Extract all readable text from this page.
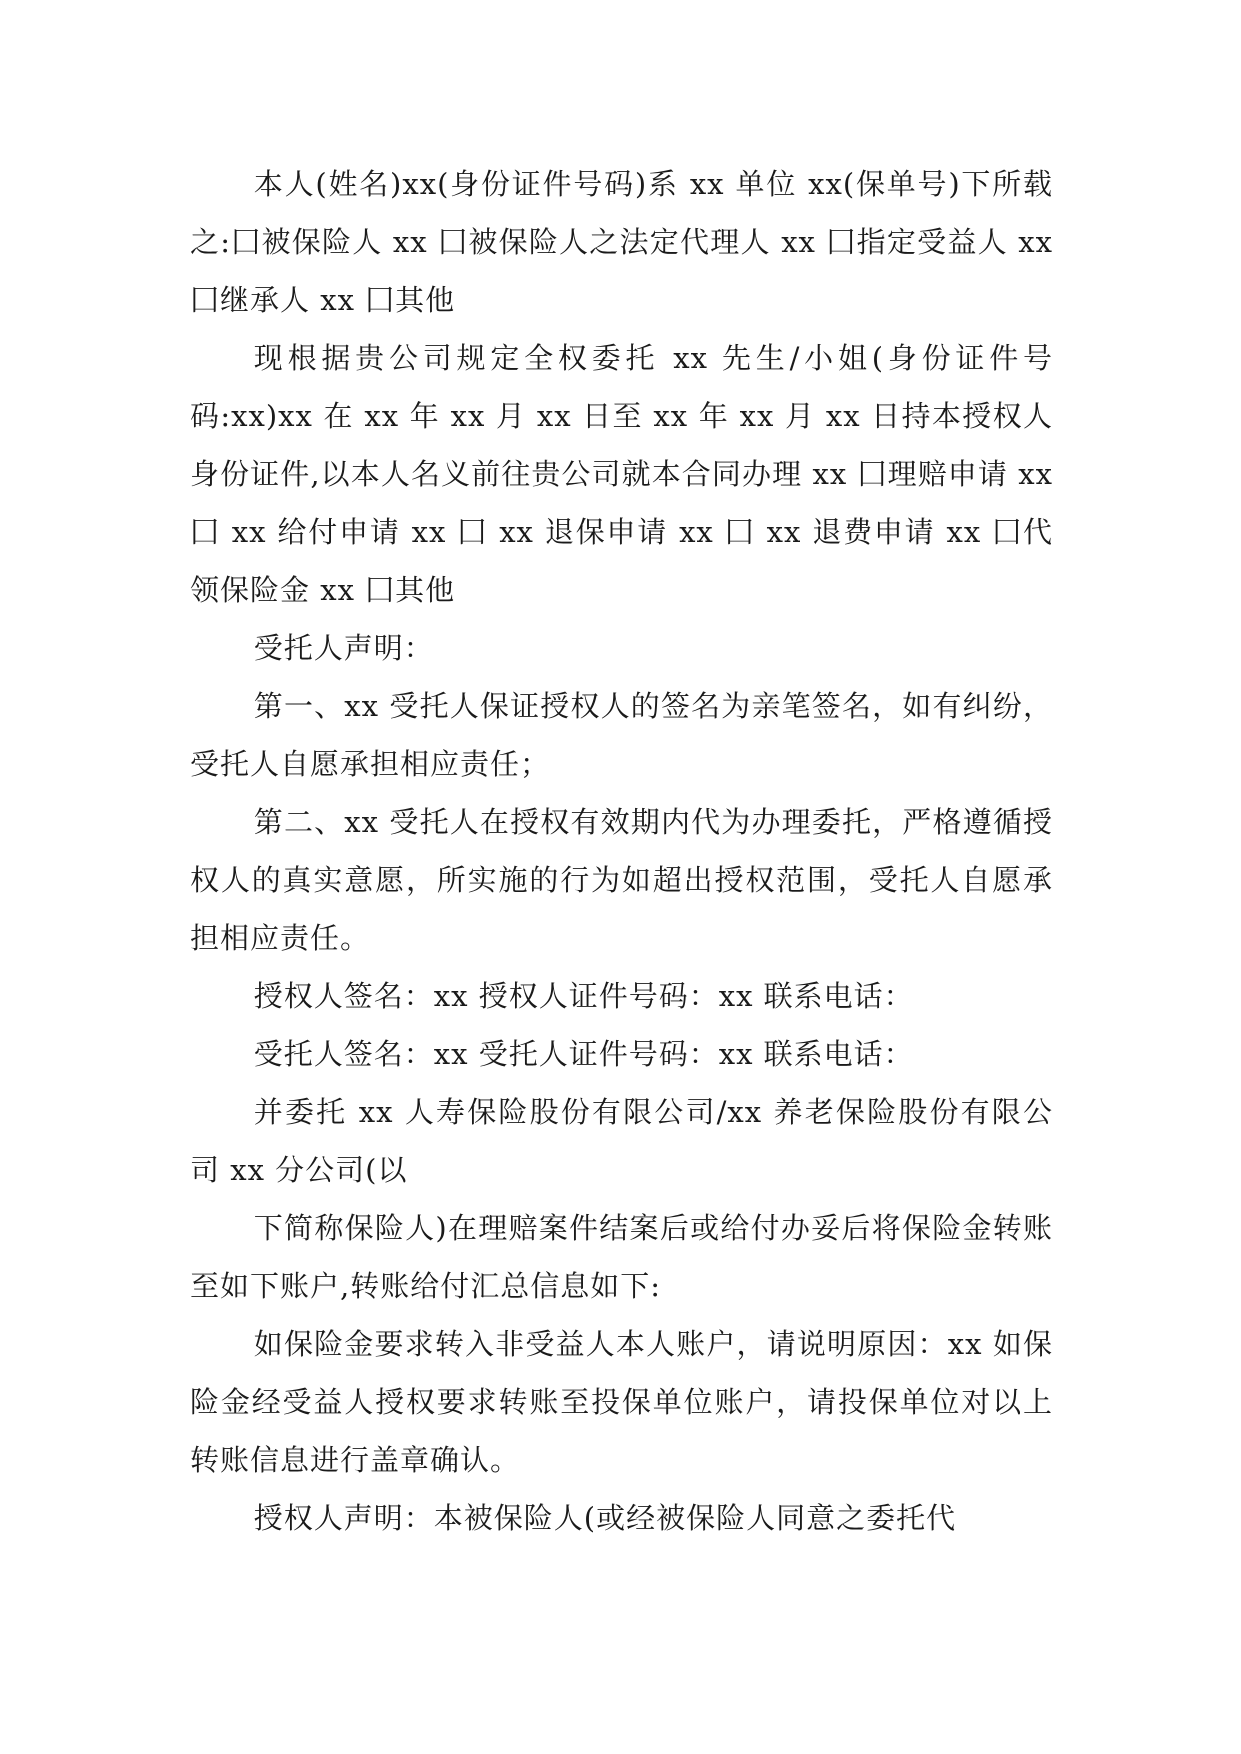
本人(姓名)xx(身份证件号码)系 xx 单位 xx(保单号)下所载之:囗被保险人 xx 囗被保险人之法定代理人 xx 囗指定受益人 xx 囗继承人 xx 囗其他

现根据贵公司规定全权委托 xx 先生/小姐(身份证件号码:xx)xx 在 xx 年 xx 月 xx 日至 xx 年 xx 月 xx 日持本授权人身份证件,以本人名义前往贵公司就本合同办理 xx 囗理赔申请 xx 囗 xx 给付申请 xx 囗 xx 退保申请 xx 囗 xx 退费申请 xx 囗代领保险金 xx 囗其他

受托人声明：

第一、xx 受托人保证授权人的签名为亲笔签名，如有纠纷，受托人自愿承担相应责任；

第二、xx 受托人在授权有效期内代为办理委托，严格遵循授权人的真实意愿，所实施的行为如超出授权范围，受托人自愿承担相应责任。

授权人签名：xx 授权人证件号码：xx 联系电话：

受托人签名：xx 受托人证件号码：xx 联系电话：

并委托 xx 人寿保险股份有限公司/xx 养老保险股份有限公司 xx 分公司(以

下简称保险人)在理赔案件结案后或给付办妥后将保险金转账至如下账户,转账给付汇总信息如下:

如保险金要求转入非受益人本人账户，请说明原因：xx 如保险金经受益人授权要求转账至投保单位账户，请投保单位对以上转账信息进行盖章确认。

授权人声明：本被保险人(或经被保险人同意之委托代
